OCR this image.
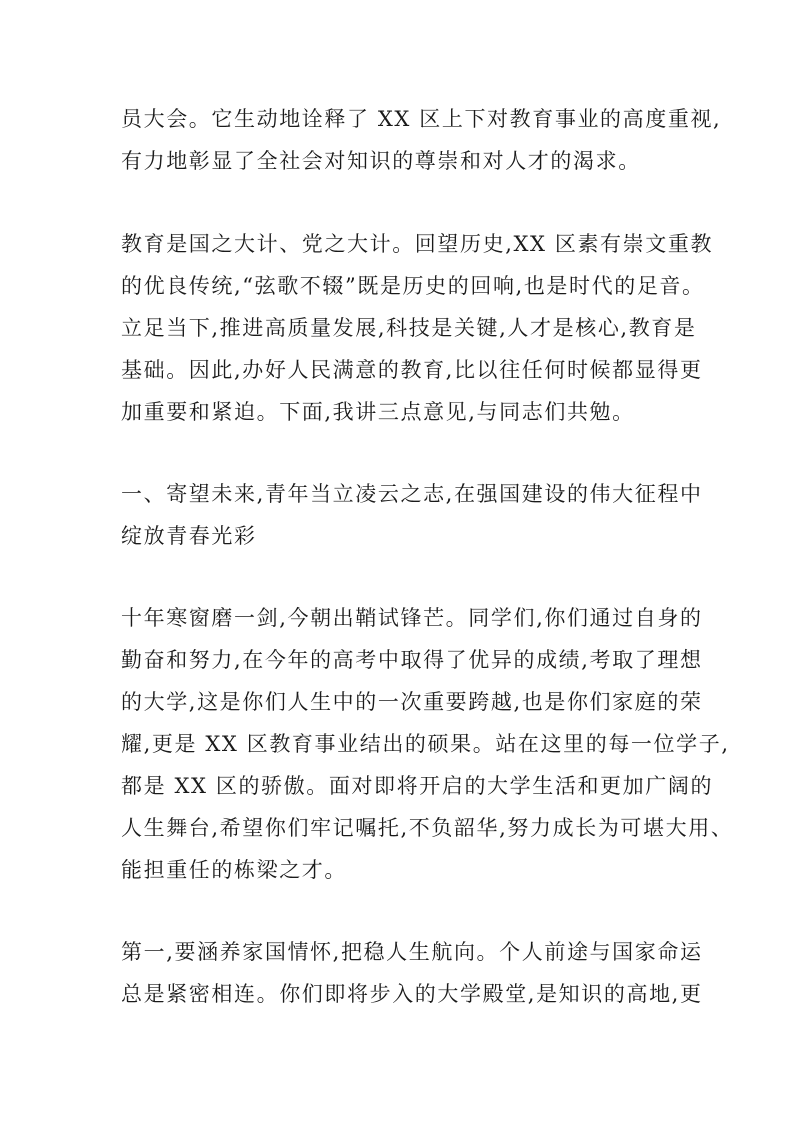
员大会。它生动地诠释了 XX 区上下对教育事业的高度重视,
有力地彰显了全社会对知识的尊崇和对人才的渴求。
教育是国之大计、党之大计。回望历史,XX 区素有崇文重教
的优良传统,“弦歌不辍”既是历史的回响,也是时代的足音。
立足当下,推进高质量发展,科技是关键,人才是核心,教育是
基础。因此,办好人民满意的教育,比以往任何时候都显得更
加重要和紧迫。下面,我讲三点意见,与同志们共勉。
一、寄望未来,青年当立凌云之志,在强国建设的伟大征程中
绽放青春光彩
十年寒窗磨一剑,今朝出鞘试锋芒。同学们,你们通过自身的
勤奋和努力,在今年的高考中取得了优异的成绩,考取了理想
的大学,这是你们人生中的一次重要跨越,也是你们家庭的荣
耀,更是 XX 区教育事业结出的硕果。站在这里的每一位学子,
都是 XX 区的骄傲。面对即将开启的大学生活和更加广阔的
人生舞台,希望你们牢记嘱托,不负韶华,努力成长为可堪大用、
能担重任的栋梁之才。
第一,要涵养家国情怀,把稳人生航向。个人前途与国家命运
总是紧密相连。你们即将步入的大学殿堂,是知识的高地,更
